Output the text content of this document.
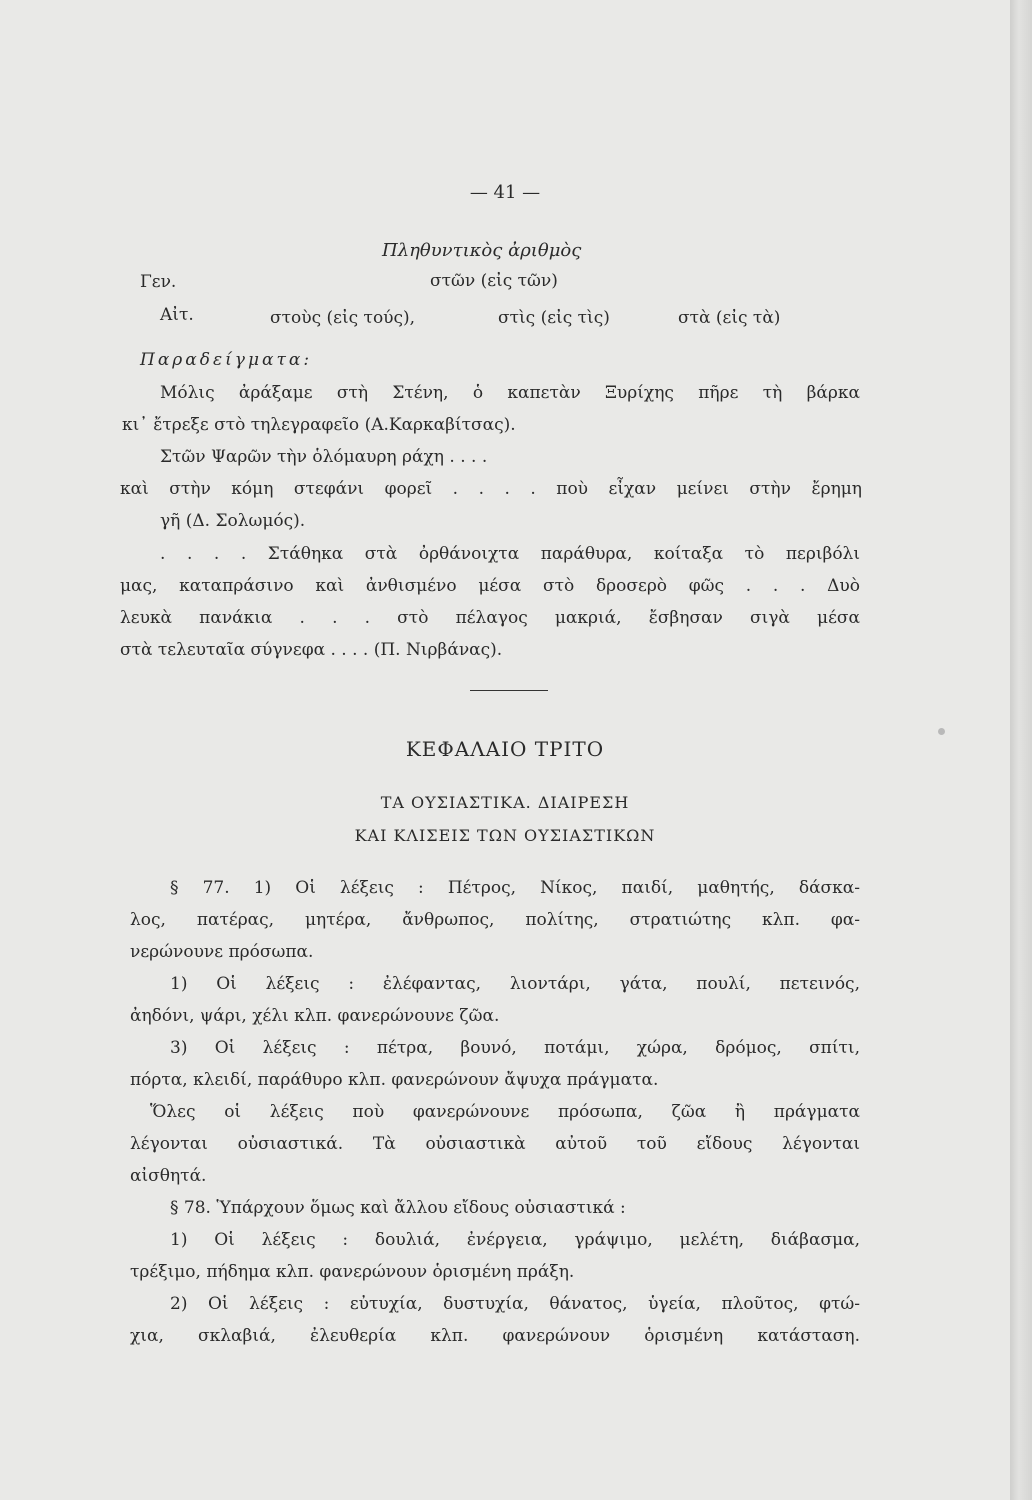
— 41 —
Πληθυντικὸς ἀριθμὸς
Γεν.	στῶν (εἰς τῶν)
Αἰτ.	στοὺς (εἰς τούς),	στὶς (εἰς τὶς)	στὰ (εἰς τὰ)
Παραδείγματα:
Μόλις ἀράξαμε στὴ Στένη, ὁ καπετὰν Ξυρίχης πῆρε τὴ βάρκα
κι᾽ ἔτρεξε στὸ τηλεγραφεῖο (Α.Καρκαβίτσας).
Στῶν Ψαρῶν τὴν ὁλόμαυρη ράχη . . . .
καὶ στὴν κόμη στεφάνι φορεῖ . . . . ποὺ εἶχαν μείνει στὴν ἔρημη
γῆ (Δ. Σολωμός).
. . . . Στάθηκα στὰ ὀρθάνοιχτα παράθυρα, κοίταξα τὸ περιβόλι
μας, καταπράσινο καὶ ἀνθισμένο μέσα στὸ δροσερὸ φῶς . . . Δυὸ
λευκὰ πανάκια . . . στὸ πέλαγος μακριά, ἔσβησαν σιγὰ μέσα
στὰ τελευταῖα σύγνεφα . . . . (Π. Νιρβάνας).
ΚΕΦΑΛΑΙΟ ΤΡΙΤΟ
ΤΑ ΟΥΣΙΑΣΤΙΚΑ. ΔΙΑΙΡΕΣΗ
ΚΑΙ ΚΛΙΣΕΙΣ ΤΩΝ ΟΥΣΙΑΣΤΙΚΩΝ
§ 77. 1) Οἱ λέξεις : Πέτρος, Νίκος, παιδί, μαθητής, δάσκα-
λος, πατέρας, μητέρα, ἄνθρωπος, πολίτης, στρατιώτης κλπ. φα-
νερώνουνε πρόσωπα.
1) Οἱ λέξεις : ἐλέφαντας, λιοντάρι, γάτα, πουλί, πετεινός,
ἀηδόνι, ψάρι, χέλι κλπ. φανερώνουνε ζῶα.
3) Οἱ λέξεις : πέτρα, βουνό, ποτάμι, χώρα, δρόμος, σπίτι,
πόρτα, κλειδί, παράθυρο κλπ. φανερώνουν ἄψυχα πράγματα.
Ὅλες οἱ λέξεις ποὺ φανερώνουνε πρόσωπα, ζῶα ἢ πράγματα
λέγονται οὐσιαστικά. Τὰ οὐσιαστικὰ αὐτοῦ τοῦ εἴδους λέγονται
αἰσθητά.
§ 78. Ὑπάρχουν ὅμως καὶ ἄλλου εἴδους οὐσιαστικά :
1) Οἱ λέξεις : δουλιά, ἐνέργεια, γράψιμο, μελέτη, διάβασμα,
τρέξιμο, πήδημα κλπ. φανερώνουν ὁρισμένη πράξη.
2) Οἱ λέξεις : εὐτυχία, δυστυχία, θάνατος, ὑγεία, πλοῦτος, φτώ-
χια, σκλαβιά, ἐλευθερία κλπ. φανερώνουν ὁρισμένη κατάσταση.
